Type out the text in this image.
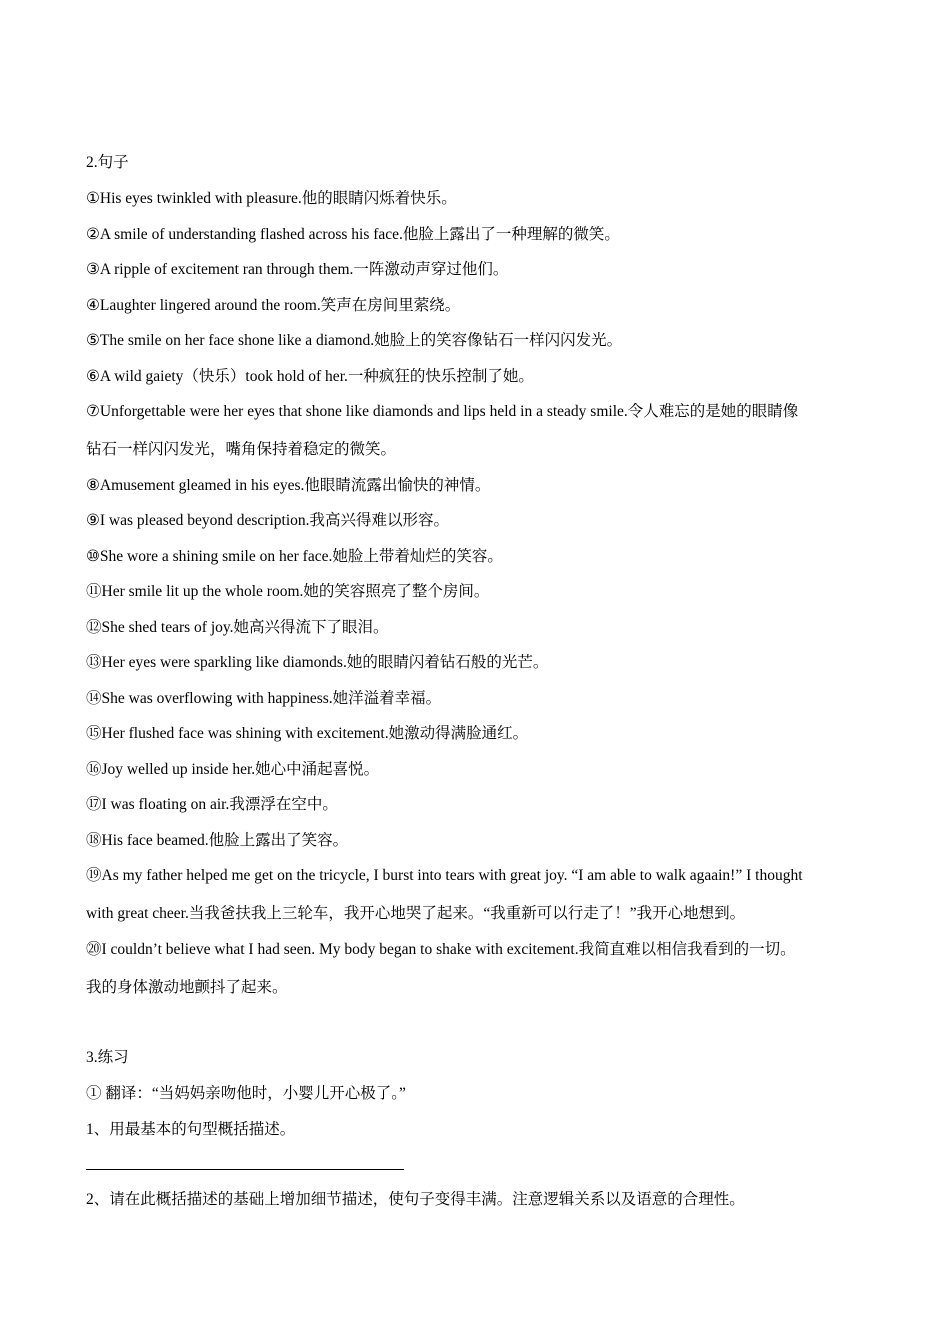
2.句子
①His eyes twinkled with pleasure.他的眼睛闪烁着快乐。
②A smile of understanding flashed across his face.他脸上露出了一种理解的微笑。
③A ripple of excitement ran through them.一阵激动声穿过他们。
④Laughter lingered around the room.笑声在房间里萦绕。
⑤The smile on her face shone like a diamond.她脸上的笑容像钻石一样闪闪发光。
⑥A wild gaiety（快乐）took hold of her.一种疯狂的快乐控制了她。
⑦Unforgettable were her eyes that shone like diamonds and lips held in a steady smile.令人难忘的是她的眼睛像
钻石一样闪闪发光，嘴角保持着稳定的微笑。
⑧Amusement gleamed in his eyes.他眼睛流露出愉快的神情。
⑨I was pleased beyond description.我高兴得难以形容。
⑩She wore a shining smile on her face.她脸上带着灿烂的笑容。
⑪Her smile lit up the whole room.她的笑容照亮了整个房间。
⑫She shed tears of joy.她高兴得流下了眼泪。
⑬Her eyes were sparkling like diamonds.她的眼睛闪着钻石般的光芒。
⑭She was overflowing with happiness.她洋溢着幸福。
⑮Her flushed face was shining with excitement.她激动得满脸通红。
⑯Joy welled up inside her.她心中涌起喜悦。
⑰I was floating on air.我漂浮在空中。
⑱His face beamed.他脸上露出了笑容。
⑲As my father helped me get on the tricycle, I burst into tears with great joy. “I am able to walk agaain!” I thought
with great cheer.当我爸扶我上三轮车，我开心地哭了起来。“我重新可以行走了！”我开心地想到。
⑳I couldn’t believe what I had seen. My body began to shake with excitement.我简直难以相信我看到的一切。
我的身体激动地颤抖了起来。
3.练习
① 翻译：“当妈妈亲吻他时，小婴儿开心极了。”
1、用最基本的句型概括描述。
2、请在此概括描述的基础上增加细节描述，使句子变得丰满。注意逻辑关系以及语意的合理性。
